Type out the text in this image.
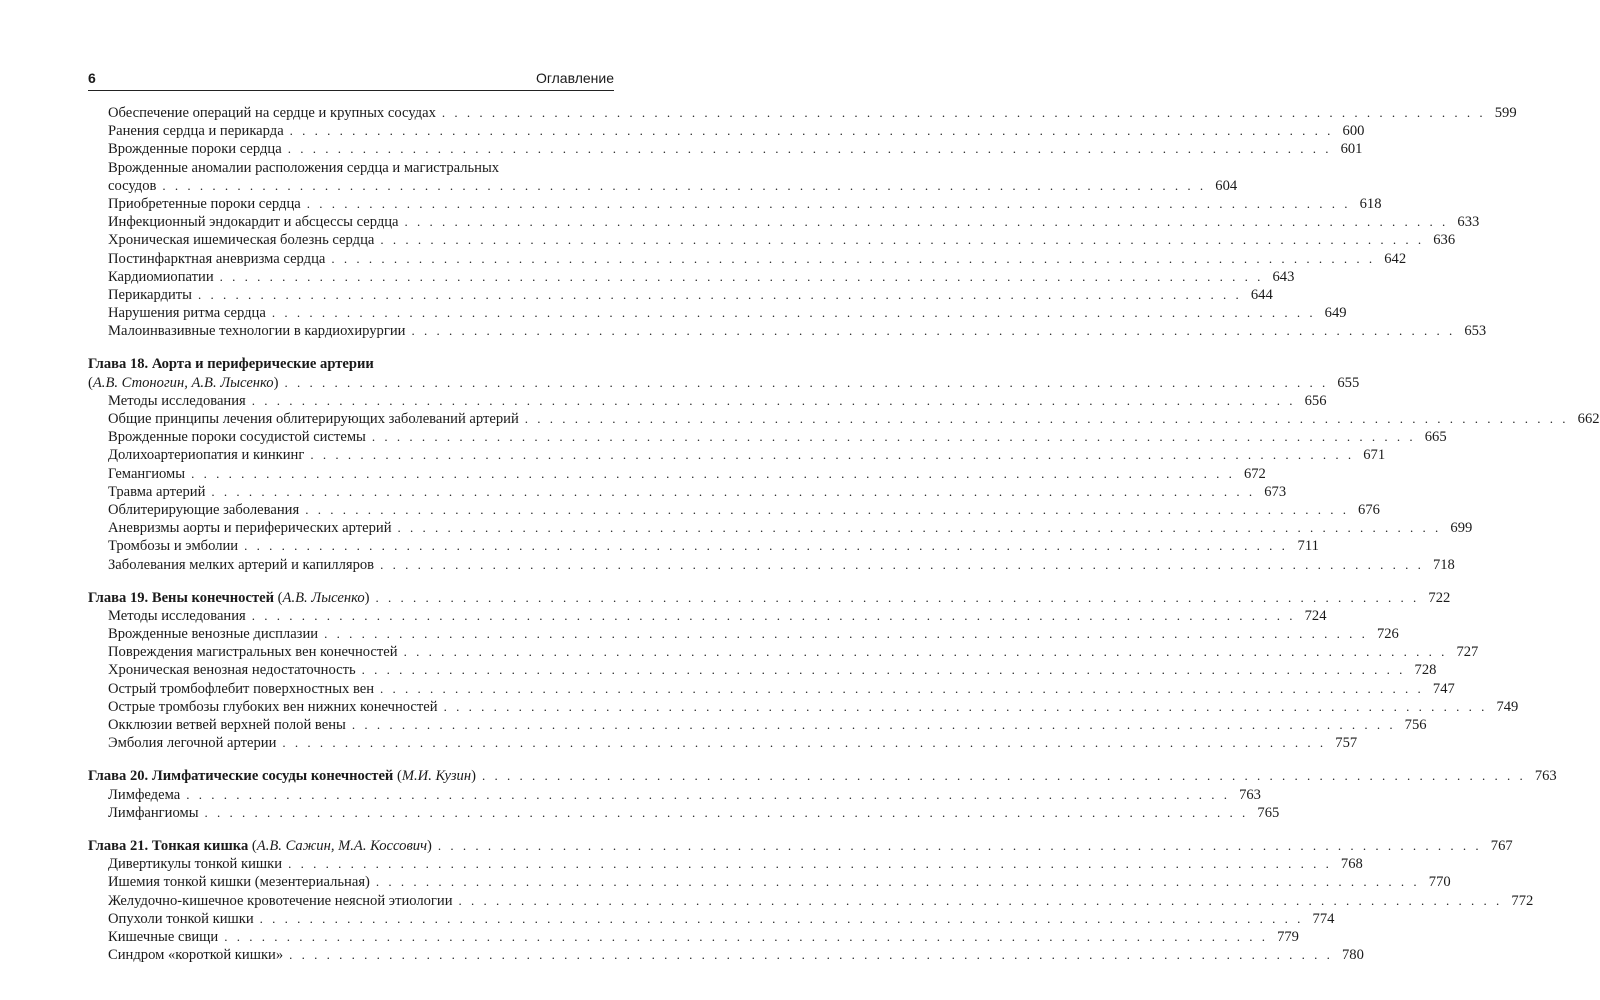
6	Оглавление
Обеспечение операций на сердце и крупных сосудах . . . . . . . . . . . . . . . . . . . . . . . . . . . . . . . . . . . . . . . . . . . . . . . . . . . . . . . . . . . . . . . . . . . . . . . . . . . . . . . . . . . . 599
Ранения сердца и перикарда . . . . . . . . . . . . . . . . . . . . . . . . . . . . . . . . . . . . . . . . . . . . . . . . . . . . . . . . . . . . . . . . . . . . . . . . . . . . . . . . . . . . 600
Врожденные пороки сердца . . . . . . . . . . . . . . . . . . . . . . . . . . . . . . . . . . . . . . . . . . . . . . . . . . . . . . . . . . . . . . . . . . . . . . . . . . . . . . . . . . . . 601
Врожденные аномалии расположения сердца и магистральных
сосудов . . . . . . . . . . . . . . . . . . . . . . . . . . . . . . . . . . . . . . . . . . . . . . . . . . . . . . . . . . . . . . . . . . . . . . . . . . . . . . . . . . . . 604
Приобретенные пороки сердца . . . . . . . . . . . . . . . . . . . . . . . . . . . . . . . . . . . . . . . . . . . . . . . . . . . . . . . . . . . . . . . . . . . . . . . . . . . . . . . . . . . . 618
Инфекционный эндокардит и абсцессы сердца . . . . . . . . . . . . . . . . . . . . . . . . . . . . . . . . . . . . . . . . . . . . . . . . . . . . . . . . . . . . . . . . . . . . . . . . . . . . . . . . . . . . 633
Хроническая ишемическая болезнь сердца . . . . . . . . . . . . . . . . . . . . . . . . . . . . . . . . . . . . . . . . . . . . . . . . . . . . . . . . . . . . . . . . . . . . . . . . . . . . . . . . . . . . 636
Постинфарктная аневризма сердца . . . . . . . . . . . . . . . . . . . . . . . . . . . . . . . . . . . . . . . . . . . . . . . . . . . . . . . . . . . . . . . . . . . . . . . . . . . . . . . . . . . . 642
Кардиомиопатии . . . . . . . . . . . . . . . . . . . . . . . . . . . . . . . . . . . . . . . . . . . . . . . . . . . . . . . . . . . . . . . . . . . . . . . . . . . . . . . . . . . . 643
Перикардиты . . . . . . . . . . . . . . . . . . . . . . . . . . . . . . . . . . . . . . . . . . . . . . . . . . . . . . . . . . . . . . . . . . . . . . . . . . . . . . . . . . . . 644
Нарушения ритма сердца . . . . . . . . . . . . . . . . . . . . . . . . . . . . . . . . . . . . . . . . . . . . . . . . . . . . . . . . . . . . . . . . . . . . . . . . . . . . . . . . . . . . 649
Малоинвазивные технологии в кардиохирургии . . . . . . . . . . . . . . . . . . . . . . . . . . . . . . . . . . . . . . . . . . . . . . . . . . . . . . . . . . . . . . . . . . . . . . . . . . . . . . . . . . . . 653
Глава 18. Аорта и периферические артерии
(А.В. Стоногин, А.В. Лысенко) . . . . . . . . . . . . . . . . . . . . . . . . . . . . . . . . . . . . . . . . . . . . . . . . . . . . . . . . . . . . . . . . . . . . . . . . . . . . . . . . . . . . 655
Методы исследования . . . . . . . . . . . . . . . . . . . . . . . . . . . . . . . . . . . . . . . . . . . . . . . . . . . . . . . . . . . . . . . . . . . . . . . . . . . . . . . . . . . . 656
Общие принципы лечения облитерирующих заболеваний артерий . . . . . . . . . . . . . . . . . . . . . . . . . . . . . . . . . . . . . . . . . . . . . . . . . . . . . . . . . . . . . . . . . . . . . . . . . . . . . . . . . . . . 662
Врожденные пороки сосудистой системы . . . . . . . . . . . . . . . . . . . . . . . . . . . . . . . . . . . . . . . . . . . . . . . . . . . . . . . . . . . . . . . . . . . . . . . . . . . . . . . . . . . . 665
Долихоартериопатия и кинкинг . . . . . . . . . . . . . . . . . . . . . . . . . . . . . . . . . . . . . . . . . . . . . . . . . . . . . . . . . . . . . . . . . . . . . . . . . . . . . . . . . . . . 671
Гемангиомы . . . . . . . . . . . . . . . . . . . . . . . . . . . . . . . . . . . . . . . . . . . . . . . . . . . . . . . . . . . . . . . . . . . . . . . . . . . . . . . . . . . . 672
Травма артерий . . . . . . . . . . . . . . . . . . . . . . . . . . . . . . . . . . . . . . . . . . . . . . . . . . . . . . . . . . . . . . . . . . . . . . . . . . . . . . . . . . . . 673
Облитерирующие заболевания . . . . . . . . . . . . . . . . . . . . . . . . . . . . . . . . . . . . . . . . . . . . . . . . . . . . . . . . . . . . . . . . . . . . . . . . . . . . . . . . . . . . 676
Аневризмы аорты и периферических артерий . . . . . . . . . . . . . . . . . . . . . . . . . . . . . . . . . . . . . . . . . . . . . . . . . . . . . . . . . . . . . . . . . . . . . . . . . . . . . . . . . . . . 699
Тромбозы и эмболии . . . . . . . . . . . . . . . . . . . . . . . . . . . . . . . . . . . . . . . . . . . . . . . . . . . . . . . . . . . . . . . . . . . . . . . . . . . . . . . . . . . . 711
Заболевания мелких артерий и капилляров . . . . . . . . . . . . . . . . . . . . . . . . . . . . . . . . . . . . . . . . . . . . . . . . . . . . . . . . . . . . . . . . . . . . . . . . . . . . . . . . . . . . 718
Глава 19. Вены конечностей (А.В. Лысенко) . . . . . . . . . . . . . . . . . . . . . . . . . . . . . . . . . . . . . . . . . . . . . . . . . . . . . . . . . . . . . . . . . . . . . . . . . . . . . . . . . . . . 722
Методы исследования . . . . . . . . . . . . . . . . . . . . . . . . . . . . . . . . . . . . . . . . . . . . . . . . . . . . . . . . . . . . . . . . . . . . . . . . . . . . . . . . . . . . 724
Врожденные венозные дисплазии . . . . . . . . . . . . . . . . . . . . . . . . . . . . . . . . . . . . . . . . . . . . . . . . . . . . . . . . . . . . . . . . . . . . . . . . . . . . . . . . . . . . 726
Повреждения магистральных вен конечностей . . . . . . . . . . . . . . . . . . . . . . . . . . . . . . . . . . . . . . . . . . . . . . . . . . . . . . . . . . . . . . . . . . . . . . . . . . . . . . . . . . . . 727
Хроническая венозная недостаточность . . . . . . . . . . . . . . . . . . . . . . . . . . . . . . . . . . . . . . . . . . . . . . . . . . . . . . . . . . . . . . . . . . . . . . . . . . . . . . . . . . . . 728
Острый тромбофлебит поверхностных вен . . . . . . . . . . . . . . . . . . . . . . . . . . . . . . . . . . . . . . . . . . . . . . . . . . . . . . . . . . . . . . . . . . . . . . . . . . . . . . . . . . . . 747
Острые тромбозы глубоких вен нижних конечностей . . . . . . . . . . . . . . . . . . . . . . . . . . . . . . . . . . . . . . . . . . . . . . . . . . . . . . . . . . . . . . . . . . . . . . . . . . . . . . . . . . . . 749
Окклюзии ветвей верхней полой вены . . . . . . . . . . . . . . . . . . . . . . . . . . . . . . . . . . . . . . . . . . . . . . . . . . . . . . . . . . . . . . . . . . . . . . . . . . . . . . . . . . . . 756
Эмболия легочной артерии . . . . . . . . . . . . . . . . . . . . . . . . . . . . . . . . . . . . . . . . . . . . . . . . . . . . . . . . . . . . . . . . . . . . . . . . . . . . . . . . . . . . 757
Глава 20. Лимфатические сосуды конечностей (М.И. Кузин) . . . . . . . . . . . . . . . . . . . . . . . . . . . . . . . . . . . . . . . . . . . . . . . . . . . . . . . . . . . . . . . . . . . . . . . . . . . . . . . . . . . . 763
Лимфедема . . . . . . . . . . . . . . . . . . . . . . . . . . . . . . . . . . . . . . . . . . . . . . . . . . . . . . . . . . . . . . . . . . . . . . . . . . . . . . . . . . . . 763
Лимфангиомы . . . . . . . . . . . . . . . . . . . . . . . . . . . . . . . . . . . . . . . . . . . . . . . . . . . . . . . . . . . . . . . . . . . . . . . . . . . . . . . . . . . . 765
Глава 21. Тонкая кишка (А.В. Сажин, М.А. Коссович) . . . . . . . . . . . . . . . . . . . . . . . . . . . . . . . . . . . . . . . . . . . . . . . . . . . . . . . . . . . . . . . . . . . . . . . . . . . . . . . . . . . . 767
Дивертикулы тонкой кишки . . . . . . . . . . . . . . . . . . . . . . . . . . . . . . . . . . . . . . . . . . . . . . . . . . . . . . . . . . . . . . . . . . . . . . . . . . . . . . . . . . . . 768
Ишемия тонкой кишки (мезентериальная) . . . . . . . . . . . . . . . . . . . . . . . . . . . . . . . . . . . . . . . . . . . . . . . . . . . . . . . . . . . . . . . . . . . . . . . . . . . . . . . . . . . . 770
Желудочно-кишечное кровотечение неясной этиологии . . . . . . . . . . . . . . . . . . . . . . . . . . . . . . . . . . . . . . . . . . . . . . . . . . . . . . . . . . . . . . . . . . . . . . . . . . . . . . . . . . . . 772
Опухоли тонкой кишки . . . . . . . . . . . . . . . . . . . . . . . . . . . . . . . . . . . . . . . . . . . . . . . . . . . . . . . . . . . . . . . . . . . . . . . . . . . . . . . . . . . . 774
Кишечные свищи . . . . . . . . . . . . . . . . . . . . . . . . . . . . . . . . . . . . . . . . . . . . . . . . . . . . . . . . . . . . . . . . . . . . . . . . . . . . . . . . . . . . 779
Синдром «короткой кишки» . . . . . . . . . . . . . . . . . . . . . . . . . . . . . . . . . . . . . . . . . . . . . . . . . . . . . . . . . . . . . . . . . . . . . . . . . . . . . . . . . . . . 780
